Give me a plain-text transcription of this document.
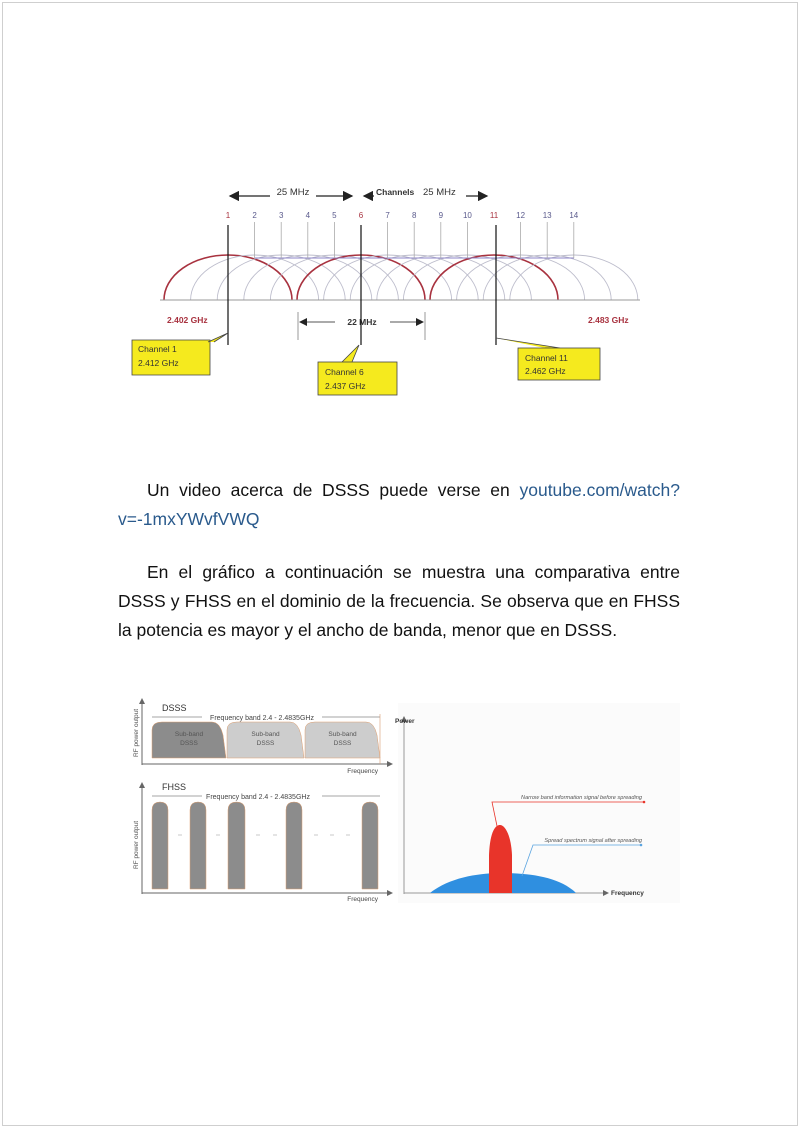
1	2	3	4	5	6	7	8	9 10 11 12 13 14
25 MHz	Channels 25 MHz
22 MHz
2.402 GHz	2.483 GHz
Channel 1
2.412 GHz
Channel 6
2.437 GHz
Channel 11
2.462 GHz

Un video acerca de DSSS puede verse en youtube.com/watch?v=-1mxYWvfVWQ

En el gráfico a continuación se muestra una comparativa entre DSSS y FHSS en el dominio de la frecuencia. Se observa que en FHSS la potencia es mayor y el ancho de banda, menor que en DSSS.

RF power output
DSSS
Frequency band 2.4 - 2.4835GHz
Sub-band
DSSS
Sub-band
DSSS
Sub-band
DSSS
Frequency
RF power output
FHSS
Frequency band 2.4 - 2.4835GHz
Frequency
Power
Frequency
Narrow band information signal before spreading
Spread spectrum signal after spreading
